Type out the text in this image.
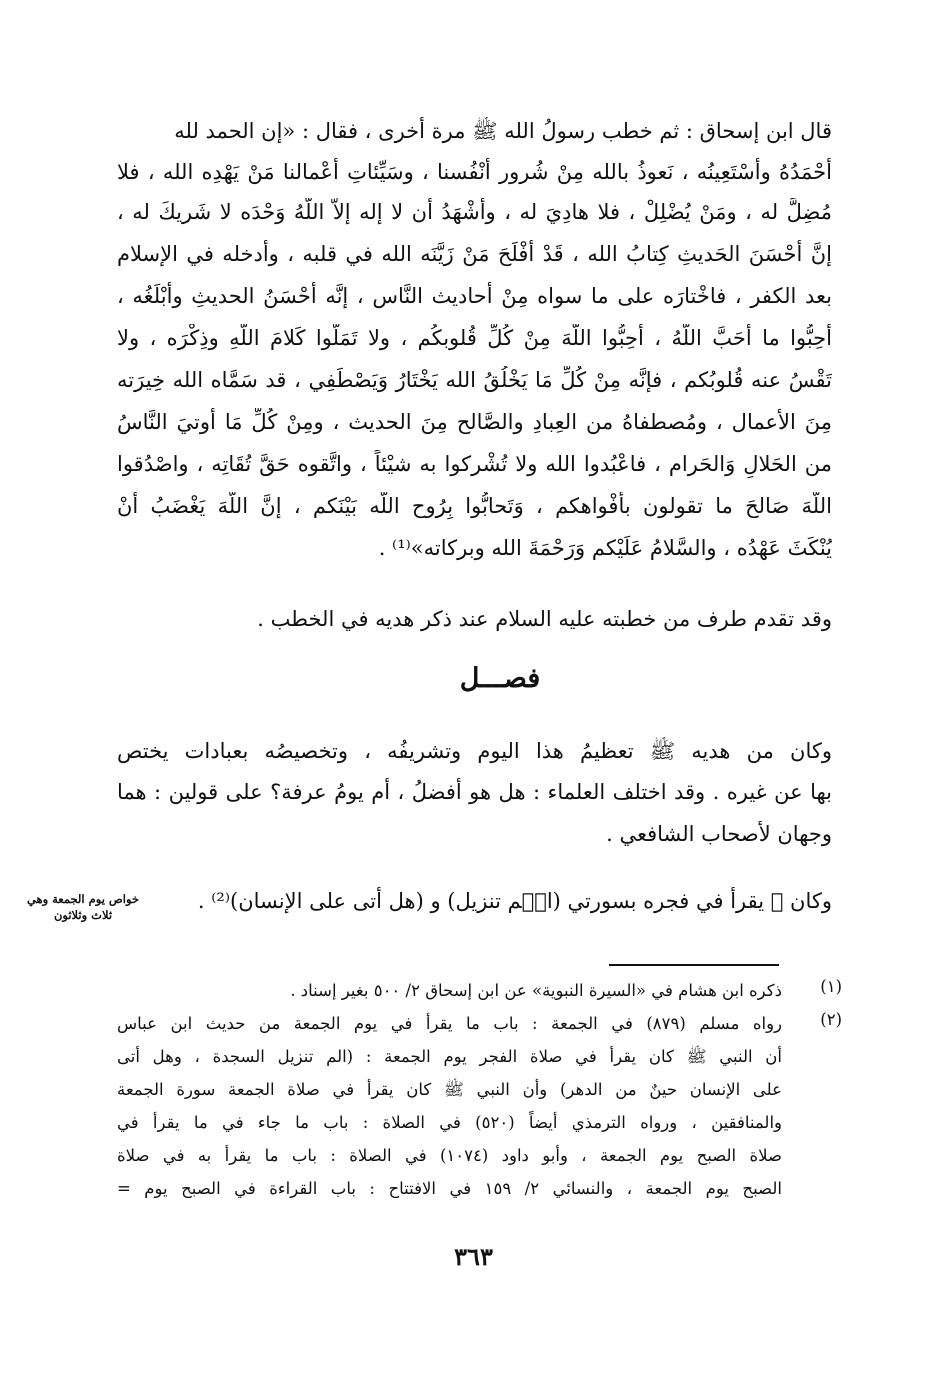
قال ابن إسحاق : ثم خطب رسولُ الله ﷺ مرة أخرى ، فقال : «إن الحمد لله
أَحْمَدُهُ وأَسْتَعِينُه ، نَعوذُ بالله مِنْ شُرور أنْفُسنا ، وسَيِّئاتِ أعْمالنا مَنْ يَهْدِه الله ، فلا
مُضِلَّ له ، ومَنْ يُضْلِلْ ، فلا هادِيَ له ، وأشْهَدُ أن لا إله إلاَّ اللَّهُ وَحْدَه لا شَريكَ له ،
إنَّ أحْسَنَ الحَديثِ كِتابُ الله ، قَدْ أفْلَحَ مَنْ زَيَّنَه الله في قلبه ، وأدخله في الإسلام
بعد الكفر ، فاخْتارَه على ما سواه مِنْ أحاديث النَّاس ، إنَّه أحْسَنُ الحديثِ وأبْلَغُه ،
أَحِبُّوا ما أَحَبَّ اللَّهُ ، أَحِبُّوا اللَّهَ مِنْ كُلِّ قُلوبكُم ، ولا تَمَلُّوا كَلامَ اللَّهِ وذِكْرَه ، ولا
تَقْسُ عنه قُلوبُكم ، فإنَّه مِنْ كُلِّ مَا يَخْلُقُ الله يَخْتَارُ وَيَصْطَفِي ، قد سَمَّاه الله خِيرَته
مِنَ الأعمال ، ومُصطفاهُ من العِبادِ والصَّالح مِنَ الحديث ، ومِنْ كُلِّ مَا أُوتيَ النَّاسُ
من الحَلالِ وَالحَرام ، فاعْبُدوا الله ولا تُشْركوا به شيْئاً ، واتَّقوه حَقَّ تُقَاتِه ، واصْدُقوا
اللَّهَ صَالحَ ما تقولون بأفْواهكم ، وَتَحابُّوا بِرُوح اللَّه بَيْنَكم ، إنَّ اللَّهَ يَغْضَبُ أنْ
يُنْكَثَ عَهْدُه ، والسَّلامُ عَلَيْكم وَرَحْمَةَ الله وبركاته»⁽¹⁾ .
وقد تقدم طرف من خطبته عليه السلام عند ذكر هديه في الخطب .
فصـــل
وكان من هديه ﷺ تعظيمُ هذا اليوم وتشريفُه ، وتخصيصُه بعبادات يختص
بها عن غيره . وقد اختلف العلماء : هل هو أفضلُ ، أم يومُ عرفة؟ على قولين : هما
وجهان لأصحاب الشافعي .
وكان ﷺ يقرأ في فجره بسورتي (الۤم تنزيل) و (هل أتى على الإنسان)⁽²⁾ .
خواص يوم الجمعة وهي
ثلاث وثلاثون
(١)
ذكره ابن هشام في «السيرة النبوية» عن ابن إسحاق ٢/ ٥٠٠ بغير إسناد .
(٢)
رواه مسلم (٨٧٩) في الجمعة : باب ما يقرأ في يوم الجمعة من حديث ابن عباس
أن النبي ﷺ كان يقرأ في صلاة الفجر يوم الجمعة : (الم تنزيل السجدة ، وهل أتى
على الإنسان حينٌ من الدهر) وأن النبي ﷺ كان يقرأ في صلاة الجمعة سورة الجمعة
والمنافقين ، ورواه الترمذي أيضاً (٥٢٠) في الصلاة : باب ما جاء في ما يقرأ في
صلاة الصبح يوم الجمعة ، وأبو داود (١٠٧٤) في الصلاة : باب ما يقرأ به في صلاة
الصبح يوم الجمعة ، والنسائي ٢/ ١٥٩ في الافتتاح : باب القراءة في الصبح يوم =
٣٦٣
